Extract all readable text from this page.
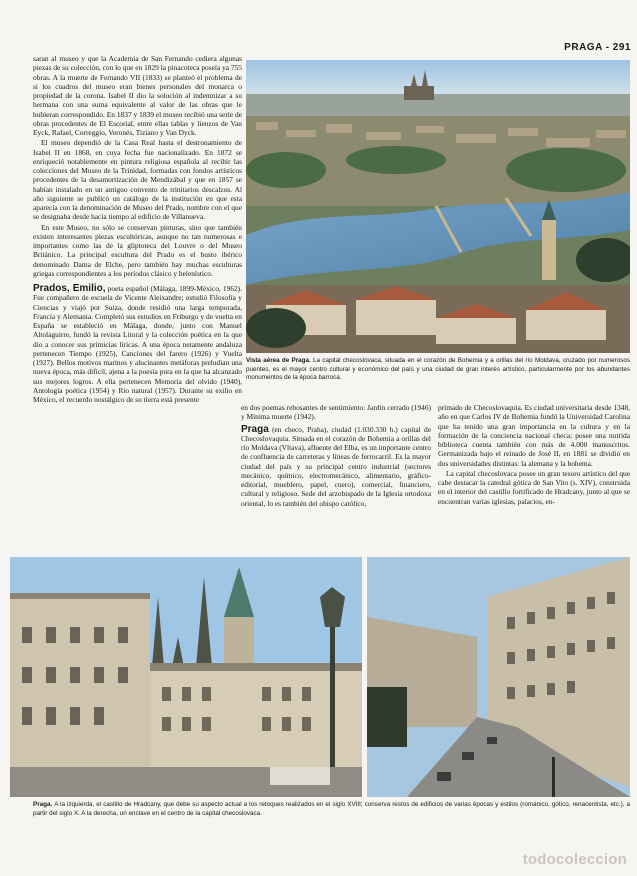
PRAGA - 291

saran al museo y que la Academia de San Fernando cediera algunas piezas de su colección, con lo que en 1829 la pinacoteca poseía ya 755 obras. A la muerte de Fernando VII (1833) se planteó el problema de si los cuadros del museo eran bienes personales del monarca o propiedad de la corona. Isabel II dio la solución al indemnizar a su hermana con una suma equivalente al valor de las obras que le hubieran correspondido. En 1837 y 1839 el museo recibió una serie de obras procedentes de El Escorial, entre ellas tablas y lienzos de Van Eyck, Rafael, Correggio, Veronés, Tiziano y Van Dyck.

El museo dependió de la Casa Real hasta el destronamiento de Isabel II en 1868, en cuya fecha fue nacionalizado. En 1872 se enriqueció notablemente en pintura religiosa española al recibir las colecciones del Museo de la Trinidad, formadas con fondos artísticos procedentes de la desamortización de Mendizábal y que en 1857 se habían instalado en un antiguo convento de trinitarios descalzos. Al año siguiente se publicó un catálogo de la institución en que esta aparecía con la denominación de Museo del Prado, nombre con el que se designaba desde hacía tiempo al edificio de Villanueva.

En este Museo, no sólo se conservan pinturas, sino que también existen interesantes piezas escultóricas, aunque no tan numerosas e importantes como las de la gliptoteca del Louvre o del Museo Británico. La principal escultura del Prado es el busto ibérico denominado Dama de Elche, pero también hay muchas esculturas griegas correspondientes a los períodos clásico y helenístico.

Prados, Emilio, poeta español (Málaga, 1899-México, 1962). Fue compañero de escuela de Vicente Aleixandre; estudió Filosofía y Ciencias y viajó por Suiza, donde residió una larga temporada, Francia y Alemania. Completó sus estudios en Friburgo y de vuelta en España se estableció en Málaga, donde, junto con Manuel Altolaguirre, fundó la revista Litoral y la colección poética en la que dio a conocer sus primicias líricas. A una época netamente andaluza pertenecen Tiempo (1925), Canciones del farero (1926) y Vuelta (1927). Bellos motivos marinos y alucinantes metáforas preludian una nueva época, más difícil, ajena a la poesía pura en la que ha alcanzado sus mejores logros. A ella pertenecen Memoria del olvido (1940), Antología poética (1954) y Río natural (1957). Durante su exilio en México, el recuerdo nostálgico de su tierra está presente

Vista aérea de Praga. La capital checoslovaca, situada en el corazón de Bohemia y a orillas del río Moldava, cruzado por numerosos puentes, es el mayor centro cultural y económico del país y una ciudad de gran interés artístico, particularmente por los abundantes monumentos de la época barroca.

en dos poemas rebosantes de sentimiento: Jardín cerrado (1946) y Mínima muerte (1942).

Praga (en checo, Praha), ciudad (1.030.330 h.) capital de Checoslovaquia. Situada en el corazón de Bohemia a orillas del río Moldava (Vltava), afluente del Elba, es un importante centro de confluencia de carreteras y líneas de ferrocarril. Es la mayor ciudad del país y su principal centro industrial (sectores mecánico, químico, electromecánico, alimentario, gráfico-editorial, mueblero, papel, cuero), comercial, financiero, cultural y religioso. Sede del arzobispado de la Iglesia ortodoxa oriental, lo es también del obispo católico,

primado de Checoslovaquia. Es ciudad universitaria desde 1348, año en que Carlos IV de Bohemia fundó la Universidad Carolina que ha tenido una gran importancia en la cultura y en la formación de la conciencia nacional checa; posee una nutrida biblioteca cuenta también con más de 4.000 manuscritos. Germanizada bajo el reinado de José II, en 1881 se dividió en dos universidades distintas: la alemana y la bohema.

La capital checoslovaca posee un gran tesoro artístico del que cabe destacar la catedral gótica de San Vito (s. XIV), construida en el interior del castillo fortificado de Hradcany, junto al que se encuentran varias iglesias, palacios, en-

Praga. A la izquierda, el castillo de Hradcany, que debe su aspecto actual a los retoques realizados en el siglo XVIII; conserva restos de edificios de varias épocas y estilos (románico, gótico, renacentista, etc.), a partir del siglo X. A la derecha, un enclave en el centro de la capital checoslovaca.
todocoleccion
